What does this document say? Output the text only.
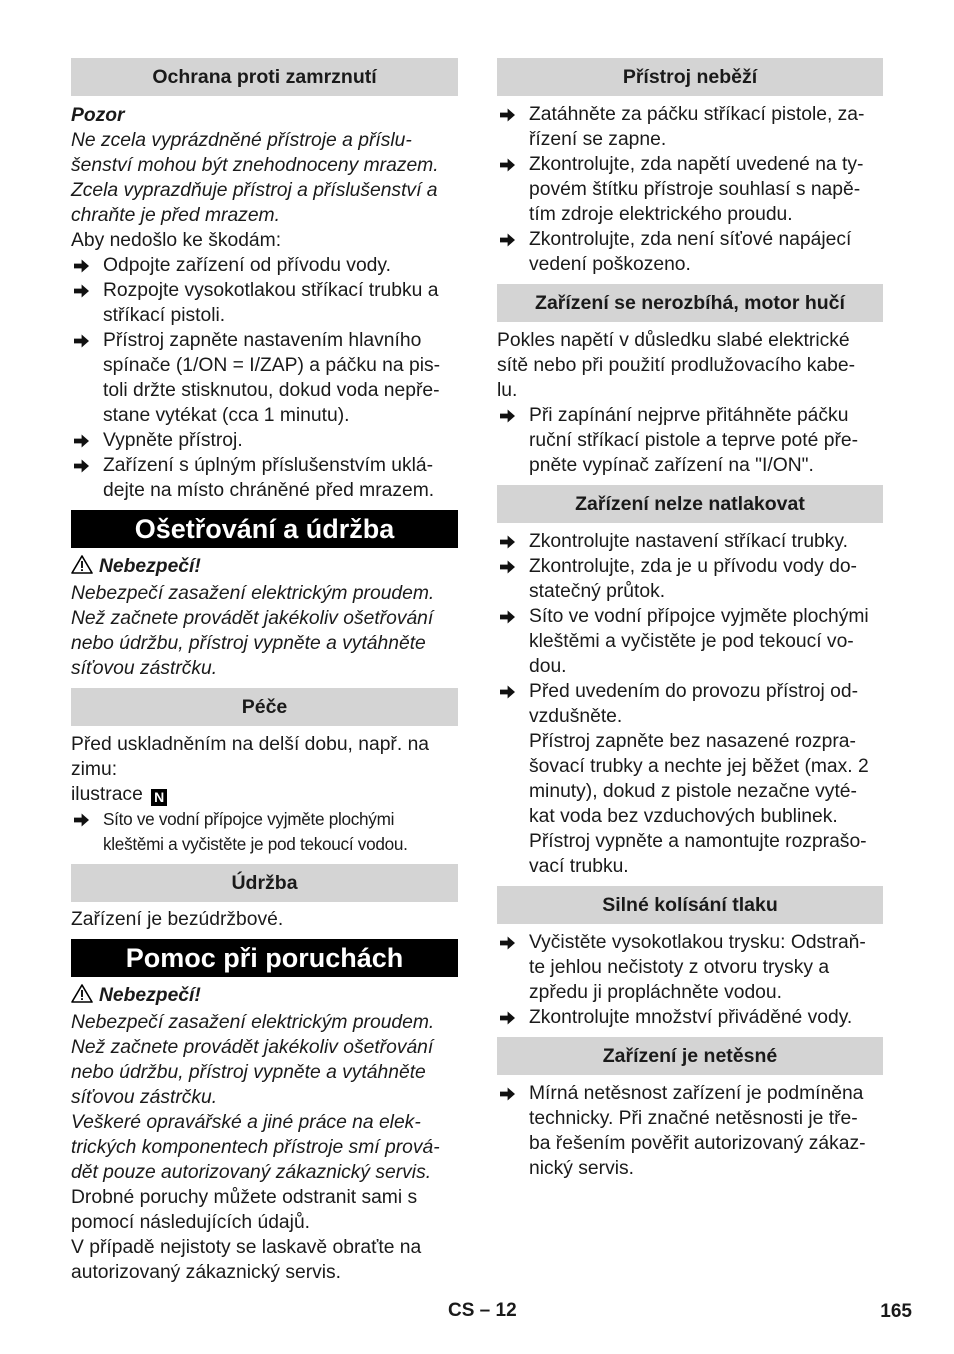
Ochrana proti zamrznutí

Pozor

Ne zcela vyprázdněné přístroje a příslu-

šenství mohou být znehodnoceny mrazem.

Zcela vyprazdňuje přístroj a příslušenství a

chraňte je před mrazem.

Aby nedošlo ke škodám:

Odpojte zařízení od přívodu vody.
Rozpojte vysokotlakou stříkací trubku a
stříkací pistoli.
Přístroj zapněte nastavením hlavního
spínače (1/ON = I/ZAP) a páčku na pis-
toli držte stisknutou, dokud voda nepře-
stane vytékat (cca 1 minutu).
Vypněte přístroj.
Zařízení s úplným příslušenstvím uklá-
dejte na místo chráněné před mrazem.
Ošetřování a údržba

Nebezpečí!

Nebezpečí zasažení elektrickým proudem.

Než začnete provádět jakékoliv ošetřování

nebo údržbu, přístroj vypněte a vytáhněte

síťovou zástrčku.

Péče

Před uskladněním na delší dobu, např. na

zimu:

ilustrace N

Síto ve vodní přípojce vyjměte plochými
kleštěmi a vyčistěte je pod tekoucí vodou.
Údržba

Zařízení je bezúdržbové.

Pomoc při poruchách

Nebezpečí!

Nebezpečí zasažení elektrickým proudem.

Než začnete provádět jakékoliv ošetřování

nebo údržbu, přístroj vypněte a vytáhněte

síťovou zástrčku.

Veškeré opravářské a jiné práce na elek-

trických komponentech přístroje smí prová-

dět pouze autorizovaný zákaznický servis.

Drobné poruchy můžete odstranit sami s

pomocí následujících údajů.

V případě nejistoty se laskavě obraťte na

autorizovaný zákaznický servis.

Přístroj neběží
Zatáhněte za páčku stříkací pistole, za-
řízení se zapne.
Zkontrolujte, zda napětí uvedené na ty-
povém štítku přístroje souhlasí s napě-
tím zdroje elektrického proudu.
Zkontrolujte, zda není síťové napájecí
vedení poškozeno.
Zařízení se nerozbíhá, motor hučí

Pokles napětí v důsledku slabé elektrické

sítě nebo při použití prodlužovacího kabe-

lu.

Při zapínání nejprve přitáhněte páčku
ruční stříkací pistole a teprve poté pře-
pněte vypínač zařízení na "I/ON".
Zařízení nelze natlakovat
Zkontrolujte nastavení stříkací trubky.
Zkontrolujte, zda je u přívodu vody do-
statečný průtok.
Síto ve vodní přípojce vyjměte plochými
kleštěmi a vyčistěte je pod tekoucí vo-
dou.
Před uvedením do provozu přístroj od-
vzdušněte.
Přístroj zapněte bez nasazené rozpra-
šovací trubky a nechte jej běžet (max. 2
minuty), dokud z pistole nezačne vyté-
kat voda bez vzduchových bublinek.
Přístroj vypněte a namontujte rozprašo-
vací trubku.
Silné kolísání tlaku
Vyčistěte vysokotlakou trysku: Odstraň-
te jehlou nečistoty z otvoru trysky a
zpředu ji propláchněte vodou.
Zkontrolujte množství přiváděné vody.
Zařízení je netěsné
Mírná netěsnost zařízení je podmíněna
technicky. Při značné netěsnosti je tře-
ba řešením pověřit autorizovaný zákaz-
nický servis.
CS – 12	165
